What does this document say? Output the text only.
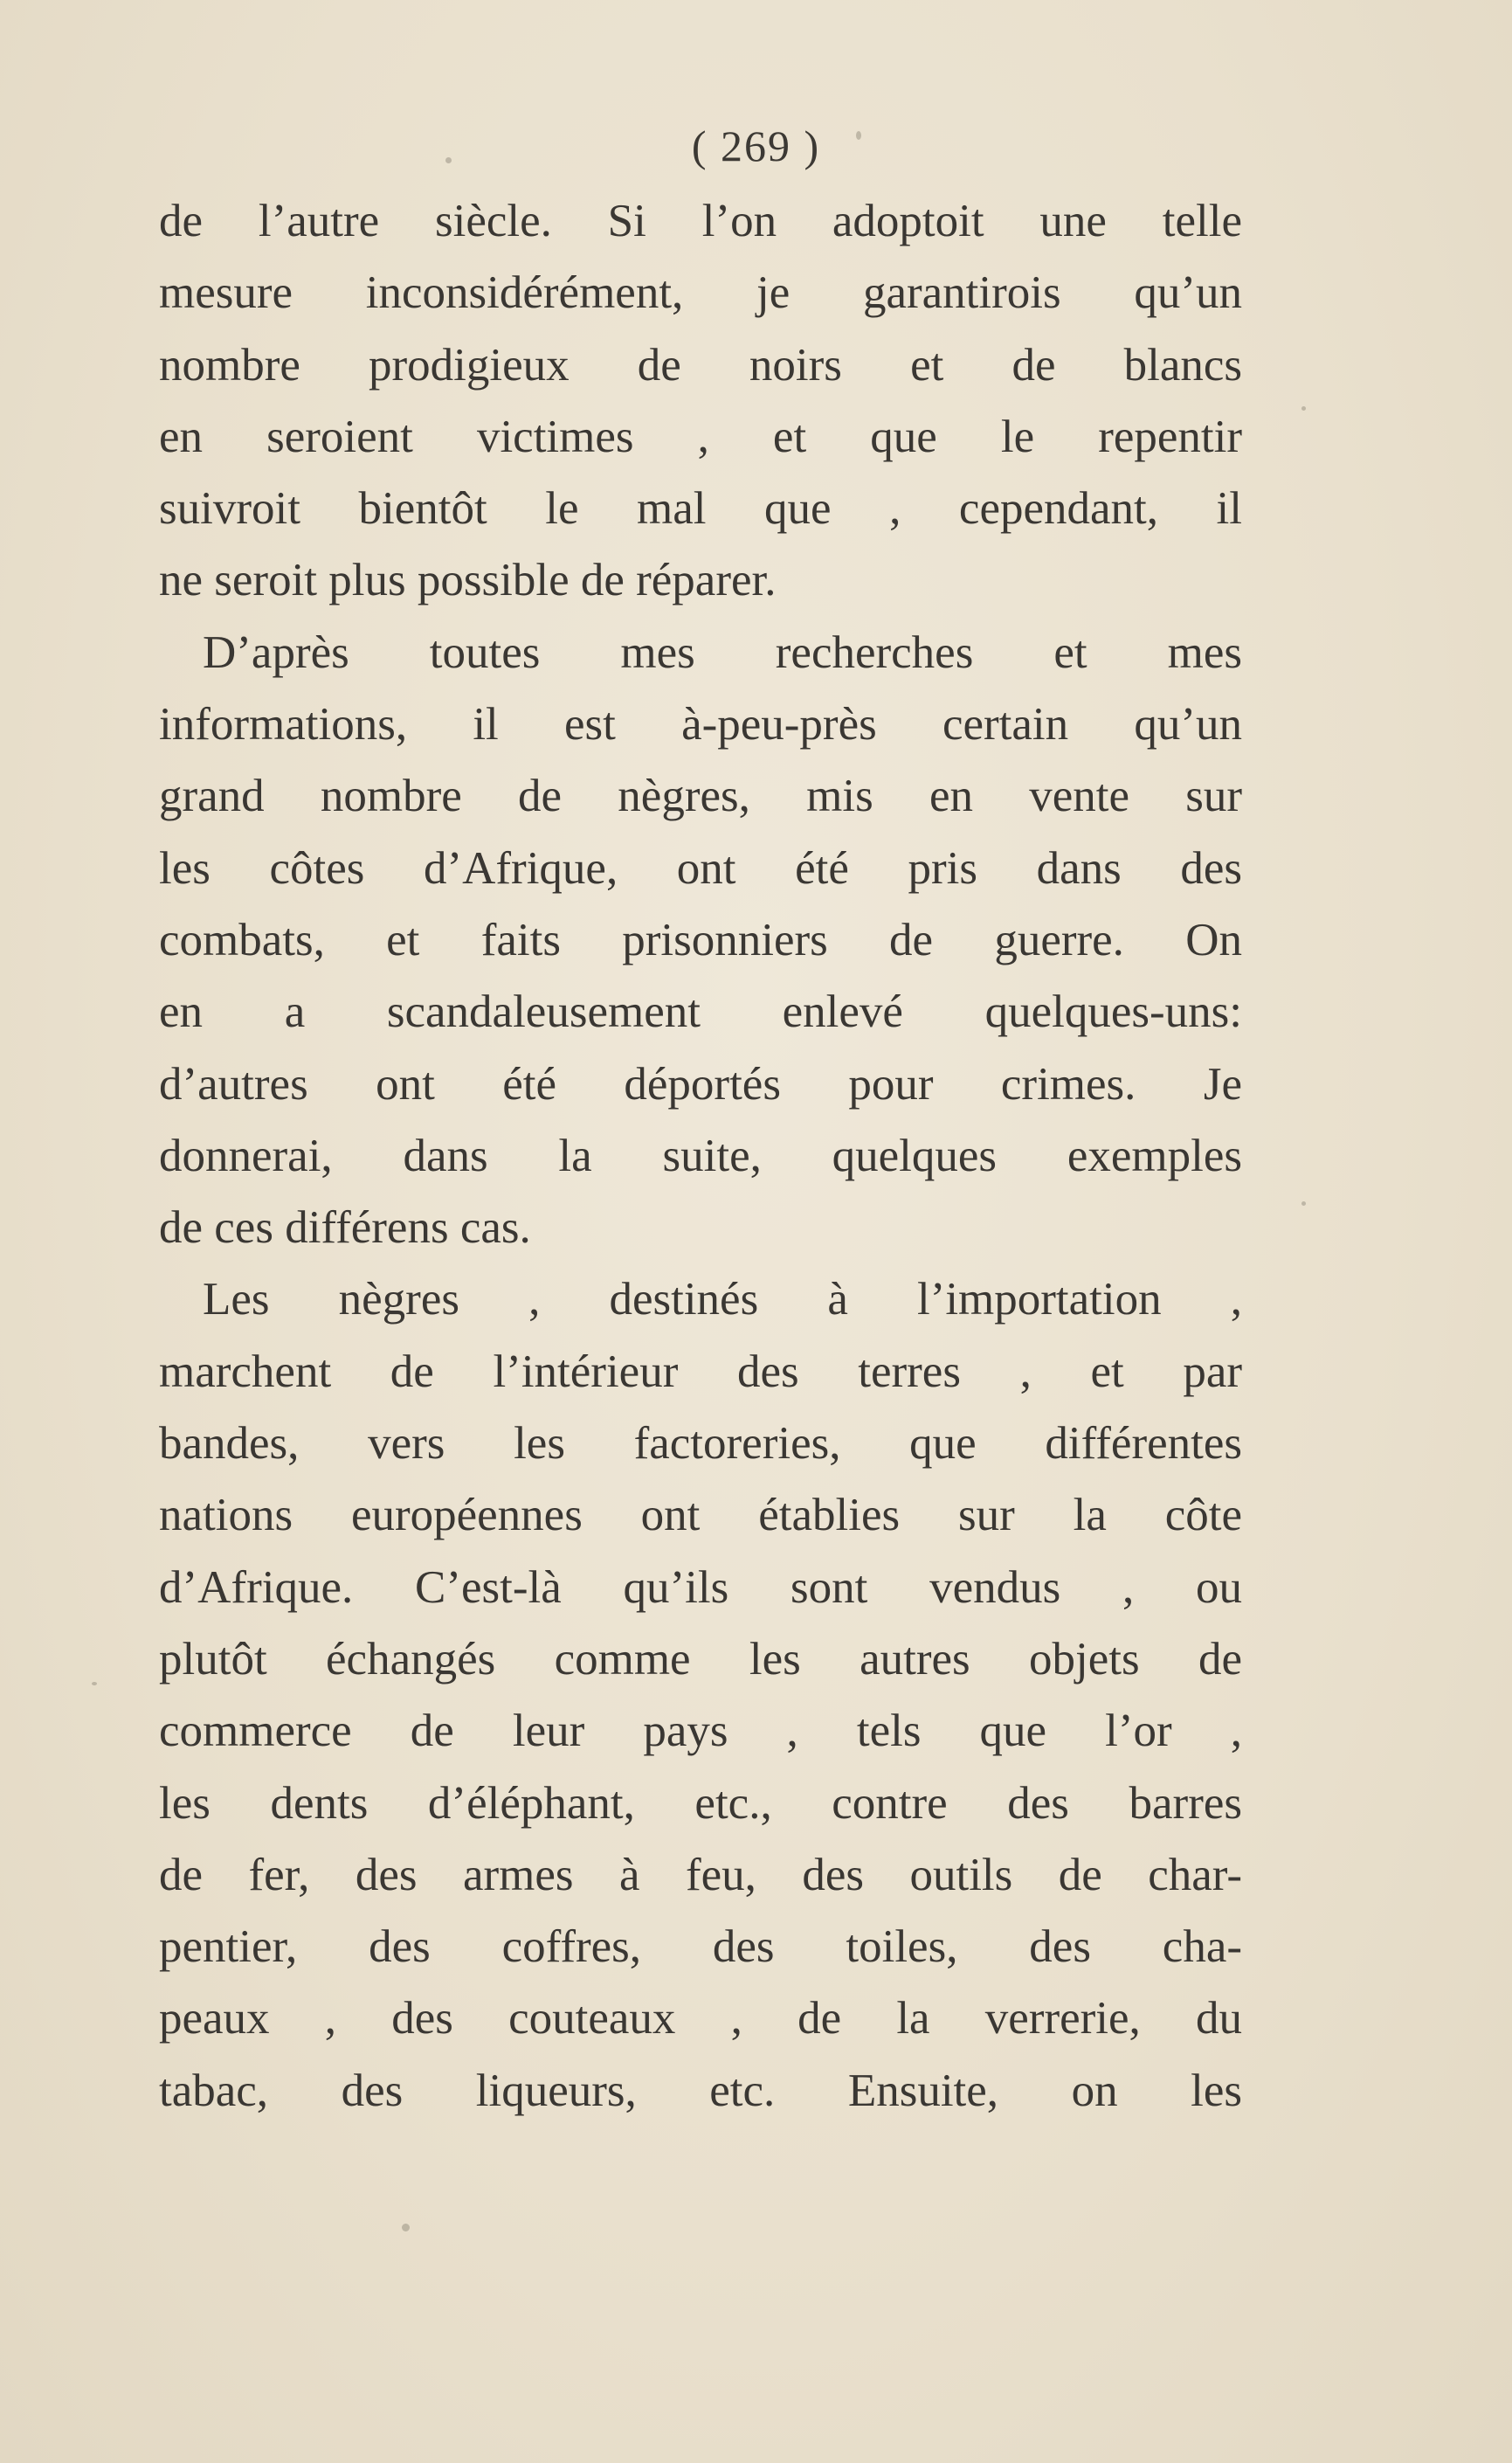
( 269 )
de l’autre siècle. Si l’on adoptoit une telle
mesure inconsidérément, je garantirois qu’un
nombre prodigieux de noirs et de blancs
en seroient victimes , et que le repentir
suivroit bientôt le mal que , cependant, il
ne seroit plus possible de réparer.
D’après toutes mes recherches et mes
informations, il est à-peu-près certain qu’un
grand nombre de nègres, mis en vente sur
les côtes d’Afrique, ont été pris dans des
combats, et faits prisonniers de guerre. On
en a scandaleusement enlevé quelques-uns:
d’autres ont été déportés pour crimes. Je
donnerai, dans la suite, quelques exemples
de ces différens cas.
Les nègres , destinés à l’importation ,
marchent de l’intérieur des terres , et par
bandes, vers les factoreries, que différentes
nations européennes ont établies sur la côte
d’Afrique. C’est-là qu’ils sont vendus , ou
plutôt échangés comme les autres objets de
commerce de leur pays , tels que l’or ,
les dents d’éléphant, etc., contre des barres
de fer, des armes à feu, des outils de char-
pentier, des coffres, des toiles, des cha-
peaux , des couteaux , de la verrerie, du
tabac, des liqueurs, etc. Ensuite, on les
